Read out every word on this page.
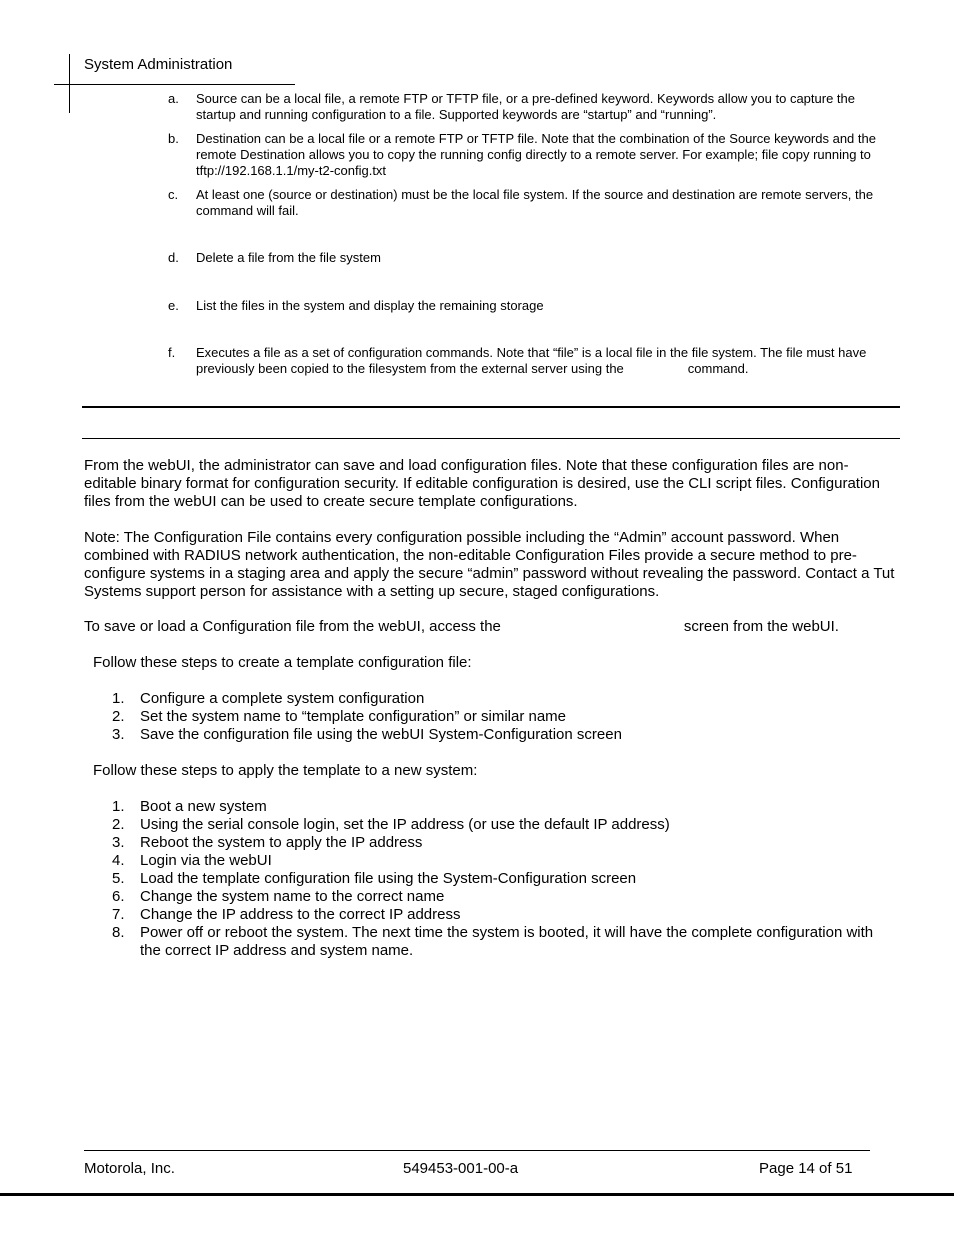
System Administration
a.	Source can be a local file, a remote FTP or TFTP file, or a pre-defined keyword. Keywords allow you to capture the startup and running configuration to a file. Supported keywords are “startup” and “running”.
b.	Destination can be a local file or a remote FTP or TFTP file. Note that the combination of the Source keywords and the remote Destination allows you to copy the running config directly to a remote server. For example; file copy running to tftp://192.168.1.1/my-t2-config.txt
c.	At least one (source or destination) must be the local file system. If the source and destination are remote servers, the command will fail.
d.	Delete a file from the file system
e.	List the files in the system and display the remaining storage
f.	Executes a file as a set of configuration commands. Note that “file” is a local file in the file system. The file must have previously been copied to the filesystem from the external server using the	command.
From the webUI, the administrator can save and load configuration files. Note that these configuration files are non-editable binary format for configuration security. If editable configuration is desired, use the CLI script files. Configuration files from the webUI can be used to create secure template configurations.
Note: The Configuration File contains every configuration possible including the “Admin” account password. When combined with RADIUS network authentication, the non-editable Configuration Files provide a secure method to pre-configure systems in a staging area and apply the secure “admin” password without revealing the password. Contact a Tut Systems support person for assistance with a setting up secure, staged configurations.
To save or load a Configuration file from the webUI, access the	screen from the webUI.
Follow these steps to create a template configuration file:
1. Configure a complete system configuration
2. Set the system name to “template configuration” or similar name
3. Save the configuration file using the webUI System-Configuration screen
Follow these steps to apply the template to a new system:
1. Boot a new system
2. Using the serial console login, set the IP address (or use the default IP address)
3. Reboot the system to apply the IP address
4. Login via the webUI
5. Load the template configuration file using the System-Configuration screen
6. Change the system name to the correct name
7. Change the IP address to the correct IP address
8. Power off or reboot the system. The next time the system is booted, it will have the complete configuration with the correct IP address and system name.
Motorola, Inc.	549453-001-00-a	Page 14 of 51
